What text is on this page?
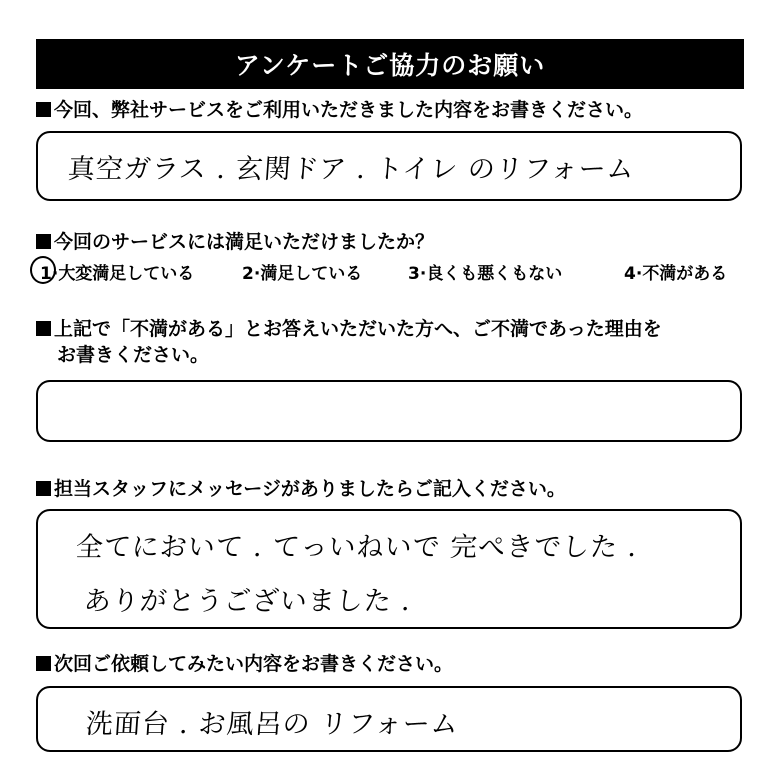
アンケートご協力のお願い
今回、弊社サービスをご利用いただきました内容をお書きください。
真空ガラス . 玄関ドア . トイレ のリフォーム
今回のサービスには満足いただけましたか？
1·大変満足している	2·満足している	3·良くも悪くもない	4·不満がある
上記で「不満がある」とお答えいただいた方へ、ご不満であった理由を
お書きください。
担当スタッフにメッセージがありましたらご記入ください。
全てにおいて . てっいねいで 完ぺきでした .
ありがとうございました .
次回ご依頼してみたい内容をお書きください。
洗面台 . お風呂の リフォーム
